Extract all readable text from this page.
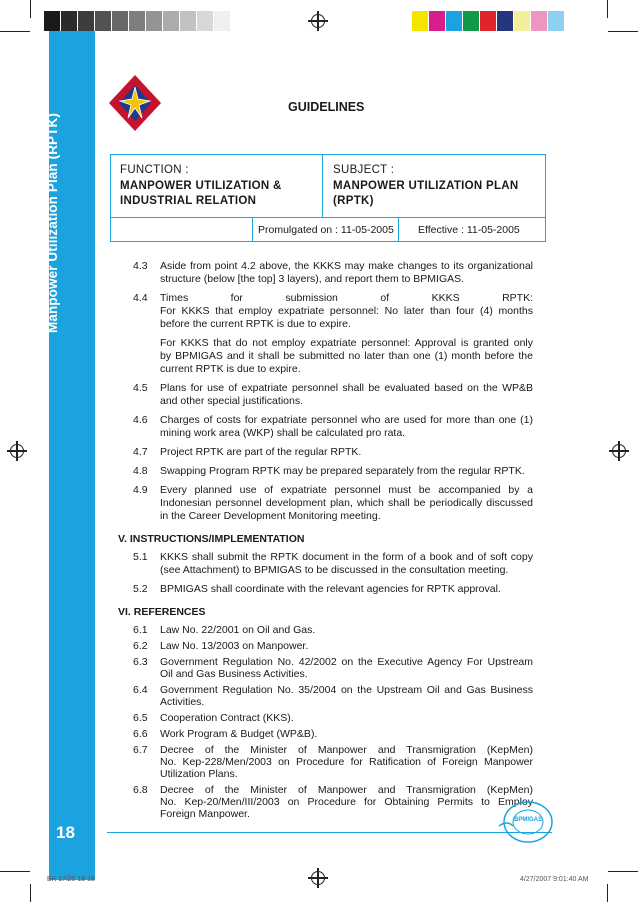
Manpower Utilization Plan (RPTK)
18
GUIDELINES
FUNCTION :
MANPOWER UTILIZATION &
INDUSTRIAL RELATION
SUBJECT :
MANPOWER UTILIZATION PLAN
(RPTK)
Promulgated on : 11-05-2005 Effective : 11-05-2005
4.3 Aside from point 4.2 above, the KKKS may make changes to its organizational
structure (below [the top] 3 layers), and report them to BPMIGAS.
4.4 Times for submission of KKKS RPTK:
For KKKS that employ expatriate personnel: No later than four (4) months
before the current RPTK is due to expire.
For KKKS that do not employ expatriate personnel: Approval is granted only
by BPMIGAS and it shall be submitted no later than one (1) month before the
current RPTK is due to expire.
4.5 Plans for use of expatriate personnel shall be evaluated based on the WP&B
and other special justifications.
4.6 Charges of costs for expatriate personnel who are used for more than one (1)
mining work area (WKP) shall be calculated pro rata.
4.7 Project RPTK are part of the regular RPTK.
4.8 Swapping Program RPTK may be prepared separately from the regular RPTK.
4.9 Every planned use of expatriate personnel must be accompanied by a
Indonesian personnel development plan, which shall be periodically discussed
in the Career Development Monitoring meeting.
V. INSTRUCTIONS/IMPLEMENTATION
5.1 KKKS shall submit the RPTK document in the form of a book and of soft copy
(see Attachment) to BPMIGAS to be discussed in the consultation meeting.
5.2 BPMIGAS shall coordinate with the relevant agencies for RPTK approval.
VI. REFERENCES
6.1 Law No. 22/2001 on Oil and Gas.
6.2 Law No. 13/2003 on Manpower.
6.3 Government Regulation No. 42/2002 on the Executive Agency For Upstream
Oil and Gas Business Activities.
6.4 Government Regulation No. 35/2004 on the Upstream Oil and Gas Business
Activities.
6.5 Cooperation Contract (KKS).
6.6 Work Program & Budget (WP&B).
6.7 Decree of the Minister of Manpower and Transmigration (KepMen)
No. Kep-228/Men/2003 on Procedure for Ratification of Foreign Manpower
Utilization Plans.
6.8 Decree of the Minister of Manpower and Transmigration (KepMen)
No. Kep-20/Men/III/2003 on Procedure for Obtaining Permits to Employ
Foreign Manpower.	BPMIGAS
BK 17i20 18 18	4/27/2007 9:01:40 AM
